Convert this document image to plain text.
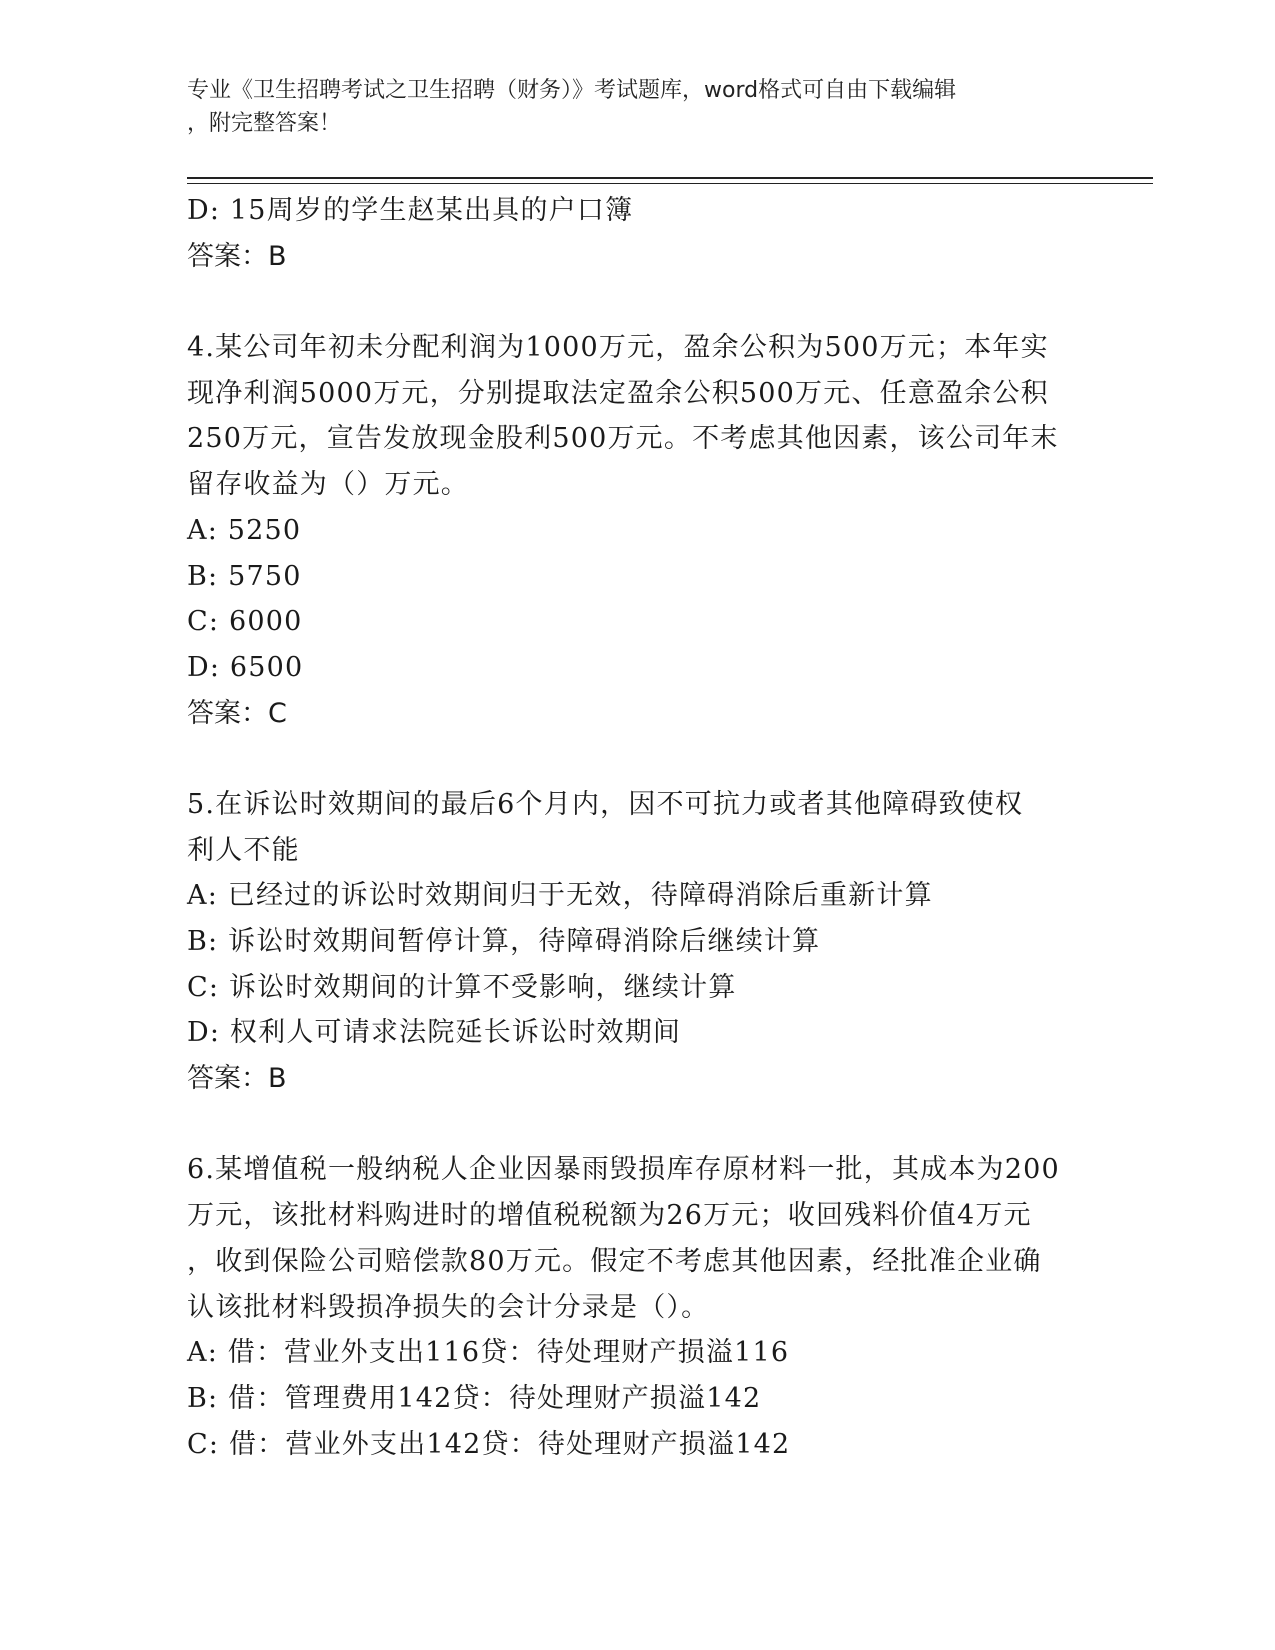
专业《卫生招聘考试之卫生招聘（财务）》考试题库，word格式可自由下载编辑
，附完整答案！
D: 15周岁的学生赵某出具的户口簿
答案：B
4.某公司年初未分配利润为1000万元，盈余公积为500万元；本年实
现净利润5000万元，分别提取法定盈余公积500万元、任意盈余公积
250万元，宣告发放现金股利500万元。不考虑其他因素，该公司年末
留存收益为（）万元。
A: 5250
B: 5750
C: 6000
D: 6500
答案：C
5.在诉讼时效期间的最后6个月内，因不可抗力或者其他障碍致使权
利人不能
A: 已经过的诉讼时效期间归于无效，待障碍消除后重新计算
B: 诉讼时效期间暂停计算，待障碍消除后继续计算
C: 诉讼时效期间的计算不受影响，继续计算
D: 权利人可请求法院延长诉讼时效期间
答案：B
6.某增值税一般纳税人企业因暴雨毁损库存原材料一批，其成本为200
万元，该批材料购进时的增值税税额为26万元；收回残料价值4万元
，收到保险公司赔偿款80万元。假定不考虑其他因素，经批准企业确
认该批材料毁损净损失的会计分录是（）。
A: 借：营业外支出116贷：待处理财产损溢116
B: 借：管理费用142贷：待处理财产损溢142
C: 借：营业外支出142贷：待处理财产损溢142
